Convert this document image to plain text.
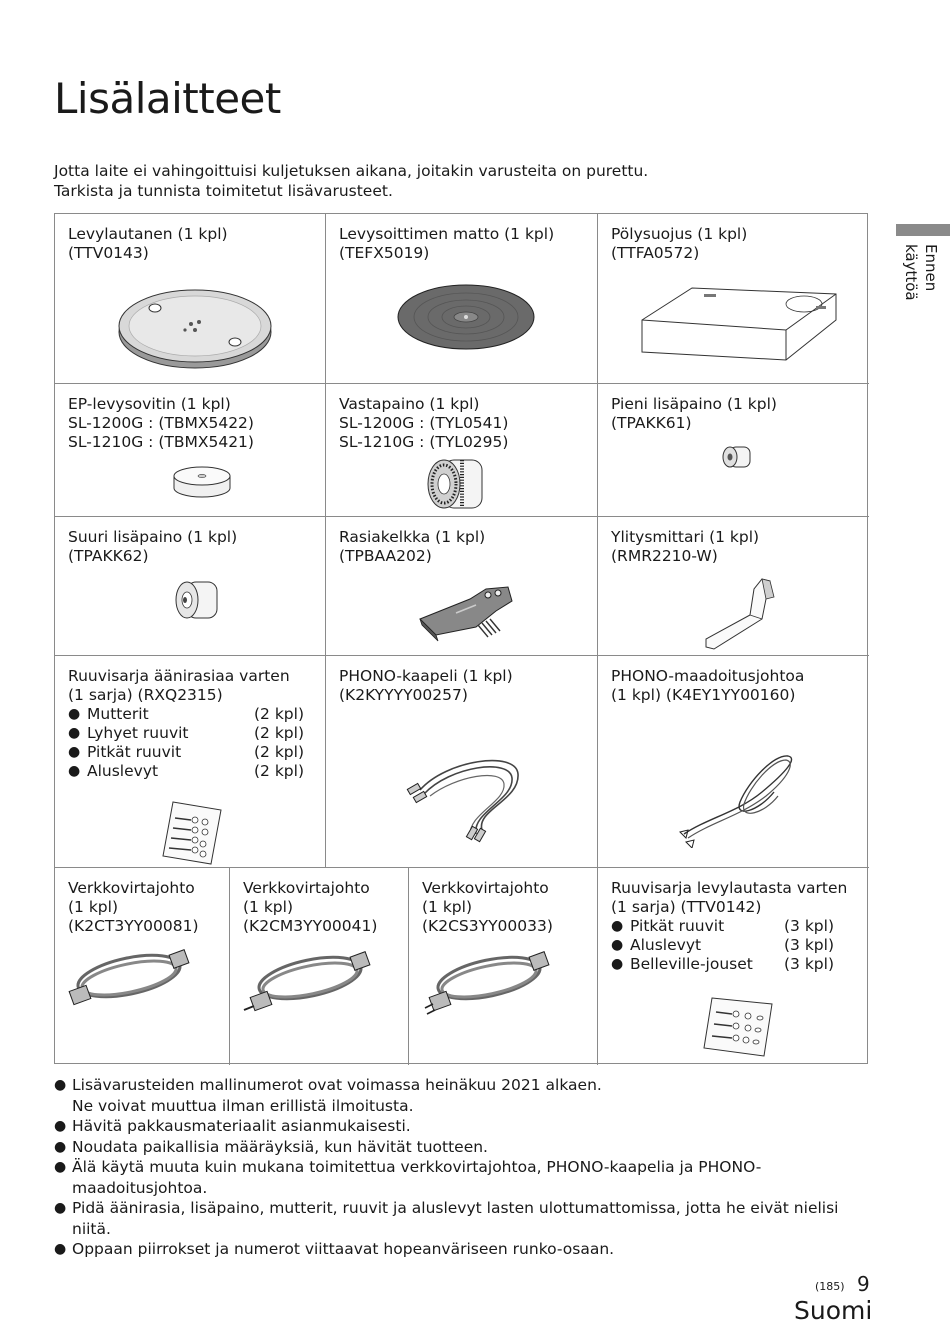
Lisälaitteet
Jotta laite ei vahingoittuisi kuljetuksen aikana, joitakin varusteita on purettu.
Tarkista ja tunnista toimitetut lisävarusteet.
Ennen
käyttöä
Levylautanen (1 kpl)
(TTV0143)
Levysoittimen matto (1 kpl)
(TEFX5019)
Pölysuojus (1 kpl)
(TTFA0572)
EP-levysovitin (1 kpl)
SL-1200G : (TBMX5422)
SL-1210G : (TBMX5421)
Vastapaino (1 kpl)
SL-1200G : (TYL0541)
SL-1210G : (TYL0295)
Pieni lisäpaino (1 kpl)
(TPAKK61)
Suuri lisäpaino (1 kpl)
(TPAKK62)
Rasiakelkka (1 kpl)
(TPBAA202)
Ylitysmittari (1 kpl)
(RMR2210-W)
Ruuvisarja äänirasiaa varten
(1 sarja) (RXQ2315)
● Mutterit	(2 kpl)
● Lyhyet ruuvit	(2 kpl)
● Pitkät ruuvit	(2 kpl)
● Aluslevyt	(2 kpl)
PHONO-kaapeli (1 kpl)
(K2KYYYY00257)
PHONO-maadoitusjohtoa
(1 kpl) (K4EY1YY00160)
Verkkovirtajohto
(1 kpl)
(K2CT3YY00081)
Verkkovirtajohto
(1 kpl)
(K2CM3YY00041)
Verkkovirtajohto
(1 kpl)
(K2CS3YY00033)
Ruuvisarja levylautasta varten
(1 sarja) (TTV0142)
● Pitkät ruuvit	(3 kpl)
● Aluslevyt	(3 kpl)
● Belleville-jouset (3 kpl)
● Lisävarusteiden mallinumerot ovat voimassa heinäkuu 2021 alkaen.
Ne voivat muuttua ilman erillistä ilmoitusta.
● Hävitä pakkausmateriaalit asianmukaisesti.
● Noudata paikallisia määräyksiä, kun hävität tuotteen.
● Älä käytä muuta kuin mukana toimitettua verkkovirtajohtoa, PHONO-kaapelia ja PHONO-
maadoitusjohtoa.
● Pidä äänirasia, lisäpaino, mutterit, ruuvit ja aluslevyt lasten ulottumattomissa, jotta he eivät nielisi
niitä.
● Oppaan piirrokset ja numerot viittaavat hopeanväriseen runko-osaan.
(185) 9
Suomi
